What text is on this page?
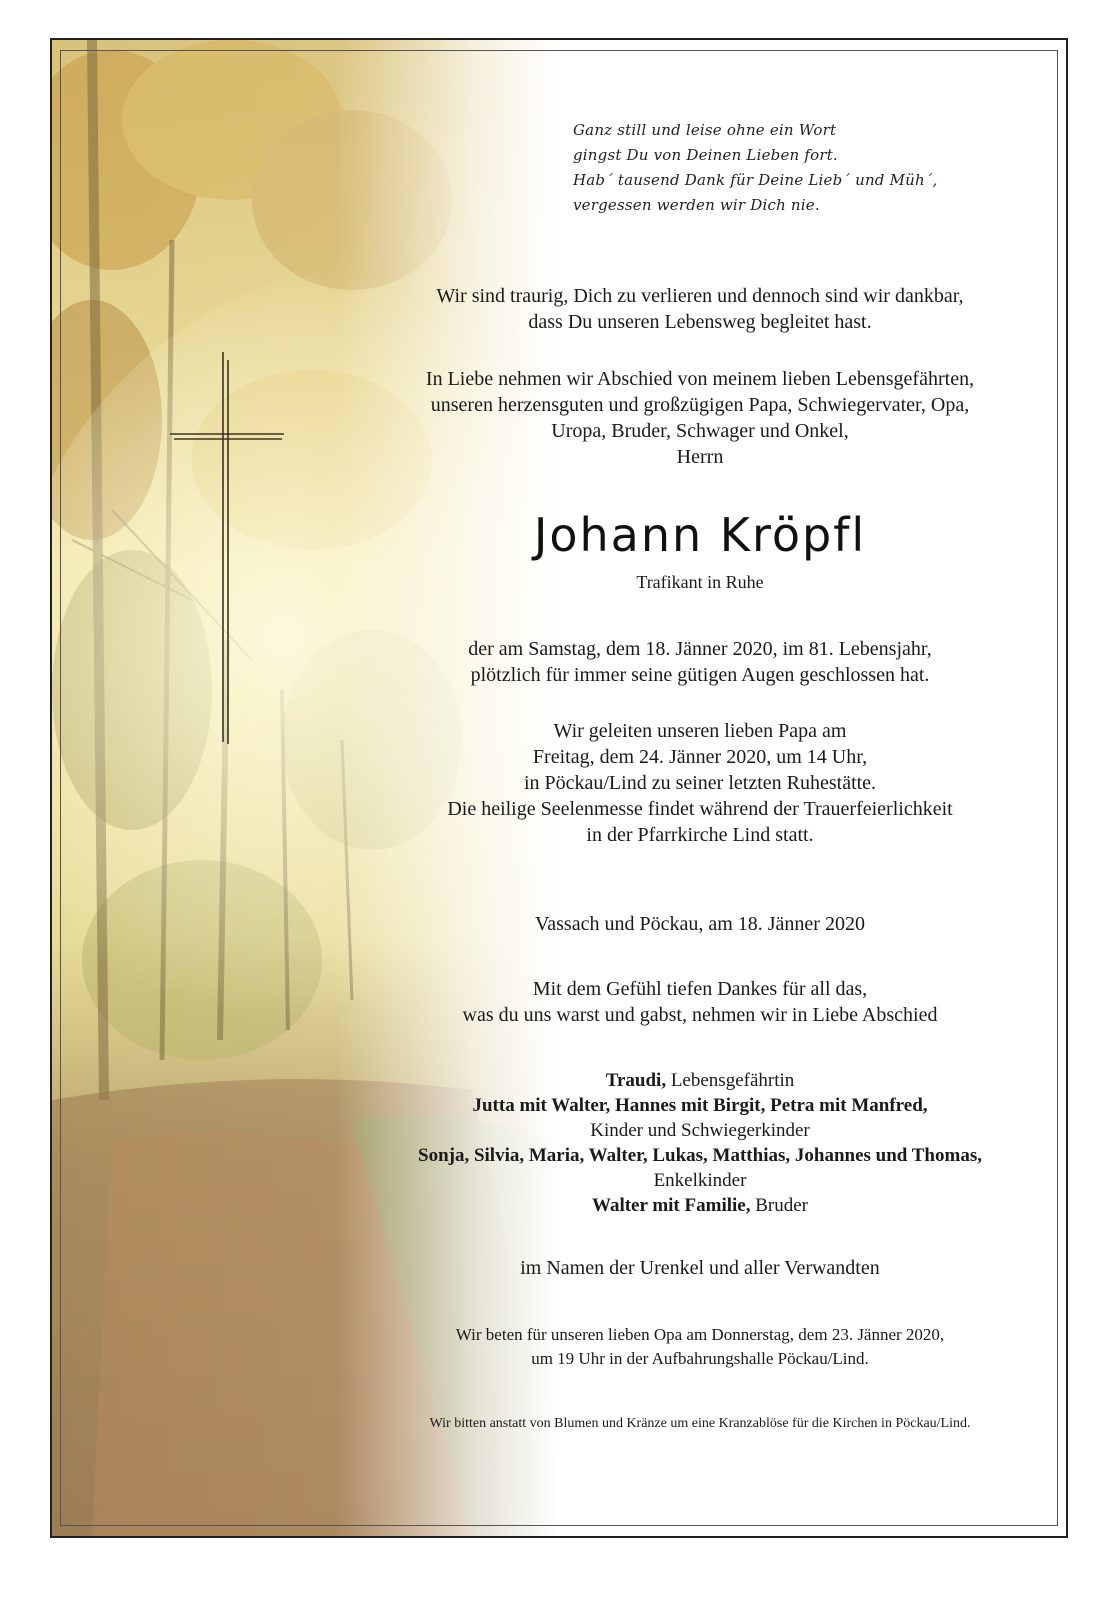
Ganz still und leise ohne ein Wort
gingst Du von Deinen Lieben fort.
Hab´ tausend Dank für Deine Lieb´ und Müh´,
vergessen werden wir Dich nie.
Wir sind traurig, Dich zu verlieren und dennoch sind wir dankbar,
dass Du unseren Lebensweg begleitet hast.
In Liebe nehmen wir Abschied von meinem lieben Lebensgefährten,
unseren herzensguten und großzügigen Papa, Schwiegervater, Opa,
Uropa, Bruder, Schwager und Onkel,
Herrn
Johann Kröpfl
Trafikant in Ruhe
der am Samstag, dem 18. Jänner 2020, im 81. Lebensjahr,
plötzlich für immer seine gütigen Augen geschlossen hat.
Wir geleiten unseren lieben Papa am
Freitag, dem 24. Jänner 2020, um 14 Uhr,
in Pöckau/Lind zu seiner letzten Ruhestätte.
Die heilige Seelenmesse findet während der Trauerfeierlichkeit
in der Pfarrkirche Lind statt.
Vassach und Pöckau, am 18. Jänner 2020
Mit dem Gefühl tiefen Dankes für all das,
was du uns warst und gabst, nehmen wir in Liebe Abschied
Traudi, Lebensgefährtin
Jutta mit Walter, Hannes mit Birgit, Petra mit Manfred,
Kinder und Schwiegerkinder
Sonja, Silvia, Maria, Walter, Lukas, Matthias, Johannes und Thomas,
Enkelkinder
Walter mit Familie, Bruder
im Namen der Urenkel und aller Verwandten
Wir beten für unseren lieben Opa am Donnerstag, dem 23. Jänner 2020,
um 19 Uhr in der Aufbahrungshalle Pöckau/Lind.
Wir bitten anstatt von Blumen und Kränze um eine Kranzablöse für die Kirchen in Pöckau/Lind.
